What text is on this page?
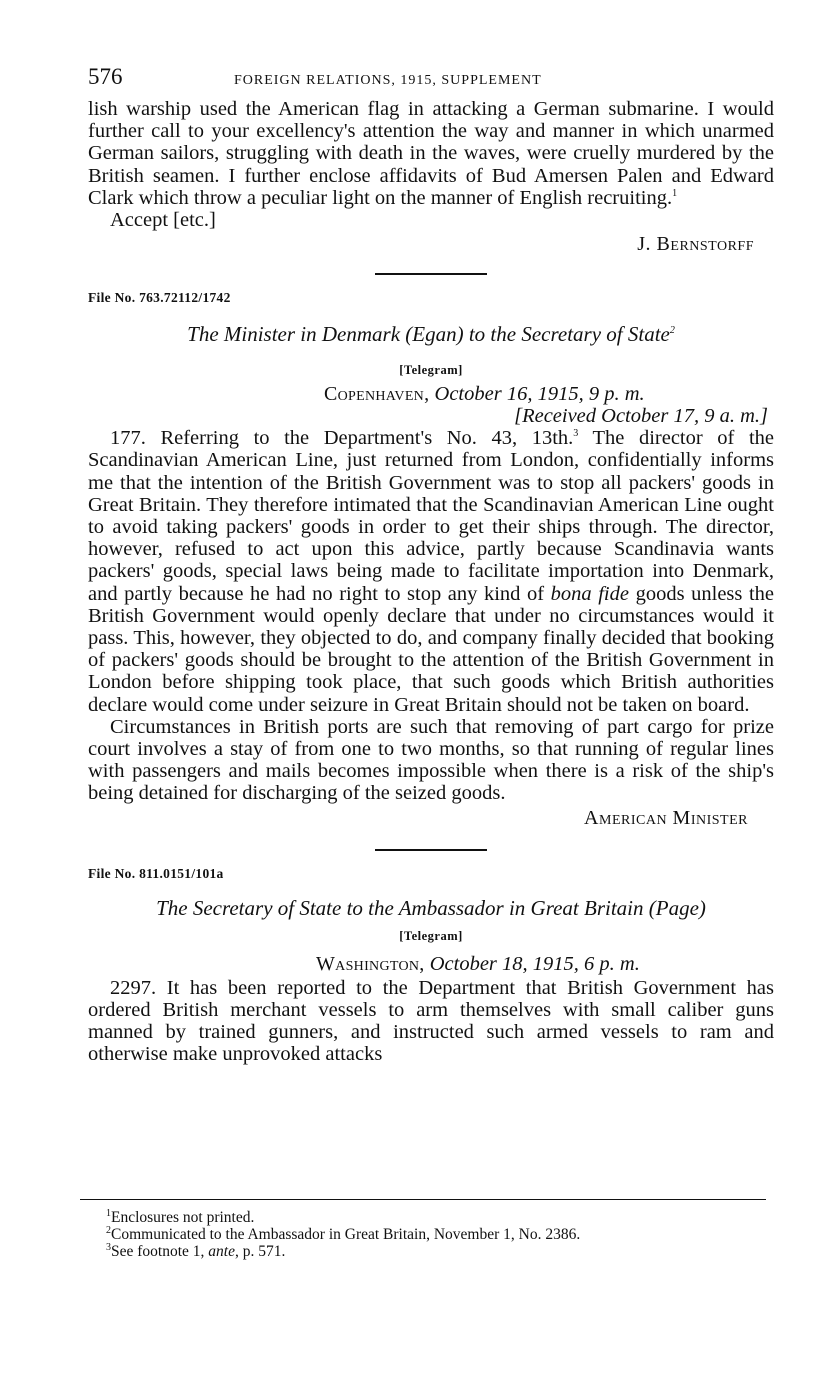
576	FOREIGN RELATIONS, 1915, SUPPLEMENT

lish warship used the American flag in attacking a German submarine. I would further call to your excellency's attention the way and manner in which unarmed German sailors, struggling with death in the waves, were cruelly murdered by the British seamen. I further enclose affidavits of Bud Amersen Palen and Edward Clark which throw a peculiar light on the manner of English recruiting.$^1$

Accept [etc.]

J. Bernstorff
File No. 763.72112/1742
The Minister in Denmark (Egan) to the Secretary of State$^2$
[Telegram]
Copenhaven, October 16, 1915, 9 p. m.
[Received October 17, 9 a. m.]

177. Referring to the Department's No. 43, 13th.$^3$ The director of the Scandinavian American Line, just returned from London, confidentially informs me that the intention of the British Government was to stop all packers' goods in Great Britain. They therefore intimated that the Scandinavian American Line ought to avoid taking packers' goods in order to get their ships through. The director, however, refused to act upon this advice, partly because Scandinavia wants packers' goods, special laws being made to facilitate importation into Denmark, and partly because he had no right to stop any kind of bona fide goods unless the British Government would openly declare that under no circumstances would it pass. This, however, they objected to do, and company finally decided that booking of packers' goods should be brought to the attention of the British Government in London before shipping took place, that such goods which British authorities declare would come under seizure in Great Britain should not be taken on board.

Circumstances in British ports are such that removing of part cargo for prize court involves a stay of from one to two months, so that running of regular lines with passengers and mails becomes impossible when there is a risk of the ship's being detained for discharging of the seized goods.

American Minister
File No. 811.0151/101a
The Secretary of State to the Ambassador in Great Britain (Page)
[Telegram]
Washington, October 18, 1915, 6 p. m.

2297. It has been reported to the Department that British Government has ordered British merchant vessels to arm themselves with small caliber guns manned by trained gunners, and instructed such armed vessels to ram and otherwise make unprovoked attacks

$^1$Enclosures not printed.
$^2$Communicated to the Ambassador in Great Britain, November 1, No. 2386.
$^3$See footnote 1, ante, p. 571.
